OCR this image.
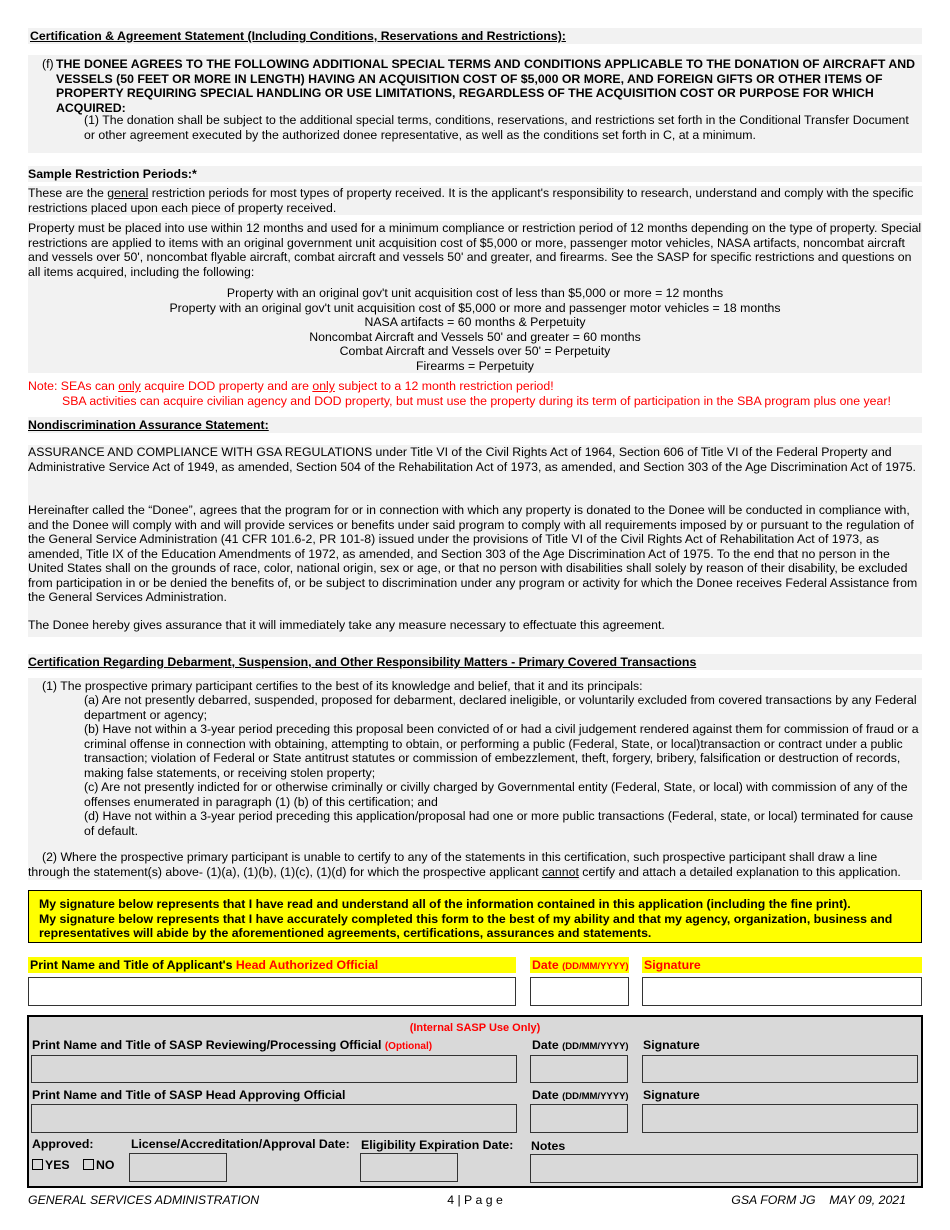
Certification & Agreement Statement (Including Conditions, Reservations and Restrictions):
(f) THE DONEE AGREES TO THE FOLLOWING ADDITIONAL SPECIAL TERMS AND CONDITIONS APPLICABLE TO THE DONATION OF AIRCRAFT AND VESSELS (50 FEET OR MORE IN LENGTH) HAVING AN ACQUISITION COST OF $5,000 OR MORE, AND FOREIGN GIFTS OR OTHER ITEMS OF PROPERTY REQUIRING SPECIAL HANDLING OR USE LIMITATIONS, REGARDLESS OF THE ACQUISITION COST OR PURPOSE FOR WHICH ACQUIRED:

(1) The donation shall be subject to the additional special terms, conditions, reservations, and restrictions set forth in the Conditional Transfer Document or other agreement executed by the authorized donee representative, as well as the conditions set forth in C, at a minimum.

Sample Restriction Periods:*

These are the general restriction periods for most types of property received. It is the applicant's responsibility to research, understand and comply with the specific restrictions placed upon each piece of property received.

Property must be placed into use within 12 months and used for a minimum compliance or restriction period of 12 months depending on the type of property. Special restrictions are applied to items with an original government unit acquisition cost of $5,000 or more, passenger motor vehicles, NASA artifacts, noncombat aircraft and vessels over 50', noncombat flyable aircraft, combat aircraft and vessels 50' and greater, and firearms. See the SASP for specific restrictions and questions on all items acquired, including the following:

Property with an original gov't unit acquisition cost of less than $5,000 or more = 12 months
Property with an original gov't unit acquisition cost of $5,000 or more and passenger motor vehicles = 18 months
NASA artifacts = 60 months & Perpetuity
Noncombat Aircraft and Vessels 50' and greater = 60 months
Combat Aircraft and Vessels over 50' = Perpetuity
Firearms = Perpetuity
Note: SEAs can only acquire DOD property and are only subject to a 12 month restriction period!
SBA activities can acquire civilian agency and DOD property, but must use the property during its term of participation in the SBA program plus one year!
Nondiscrimination Assurance Statement:

ASSURANCE AND COMPLIANCE WITH GSA REGULATIONS under Title VI of the Civil Rights Act of 1964, Section 606 of Title VI of the Federal Property and Administrative Service Act of 1949, as amended, Section 504 of the Rehabilitation Act of 1973, as amended, and Section 303 of the Age Discrimination Act of 1975.

Hereinafter called the “Donee”, agrees that the program for or in connection with which any property is donated to the Donee will be conducted in compliance with, and the Donee will comply with and will provide services or benefits under said program to comply with all requirements imposed by or pursuant to the regulation of the General Service Administration (41 CFR 101.6-2, PR 101-8) issued under the provisions of Title VI of the Civil Rights Act of Rehabilitation Act of 1973, as amended, Title IX of the Education Amendments of 1972, as amended, and Section 303 of the Age Discrimination Act of 1975. To the end that no person in the United States shall on the grounds of race, color, national origin, sex or age, or that no person with disabilities shall solely by reason of their disability, be excluded from participation in or be denied the benefits of, or be subject to discrimination under any program or activity for which the Donee receives Federal Assistance from the General Services Administration.

The Donee hereby gives assurance that it will immediately take any measure necessary to effectuate this agreement.

Certification Regarding Debarment, Suspension, and Other Responsibility Matters - Primary Covered Transactions

(1) The prospective primary participant certifies to the best of its knowledge and belief, that it and its principals:

(a) Are not presently debarred, suspended, proposed for debarment, declared ineligible, or voluntarily excluded from covered transactions by any Federal department or agency;

(b) Have not within a 3-year period preceding this proposal been convicted of or had a civil judgement rendered against them for commission of fraud or a criminal offense in connection with obtaining, attempting to obtain, or performing a public (Federal, State, or local)transaction or contract under a public transaction; violation of Federal or State antitrust statutes or commission of embezzlement, theft, forgery, bribery, falsification or destruction of records, making false statements, or receiving stolen property;

(c) Are not presently indicted for or otherwise criminally or civilly charged by Governmental entity (Federal, State, or local) with commission of any of the offenses enumerated in paragraph (1) (b) of this certification; and

(d) Have not within a 3-year period preceding this application/proposal had one or more public transactions (Federal, state, or local) terminated for cause of default.

(2) Where the prospective primary participant is unable to certify to any of the statements in this certification, such prospective participant shall draw a line through the statement(s) above- (1)(a), (1)(b), (1)(c), (1)(d) for which the prospective applicant cannot certify and attach a detailed explanation to this application.

My signature below represents that I have read and understand all of the information contained in this application (including the fine print).
My signature below represents that I have accurately completed this form to the best of my ability and that my agency, organization, business and representatives will abide by the aforementioned agreements, certifications, assurances and statements.
Print Name and Title of Applicant's Head Authorized Official	Date (DD/MM/YYYY) Signature
(Internal SASP Use Only)
Print Name and Title of SASP Reviewing/Processing Official (Optional)	Date (DD/MM/YYYY) Signature
Print Name and Title of SASP Head Approving Official	Date (DD/MM/YYYY) Signature
Approved:
YES NO
License/Accreditation/Approval Date: Eligibility Expiration Date: Notes
GENERAL SERVICES ADMINISTRATION	4 | P a g e	GSA FORM JG    MAY 09, 2021
